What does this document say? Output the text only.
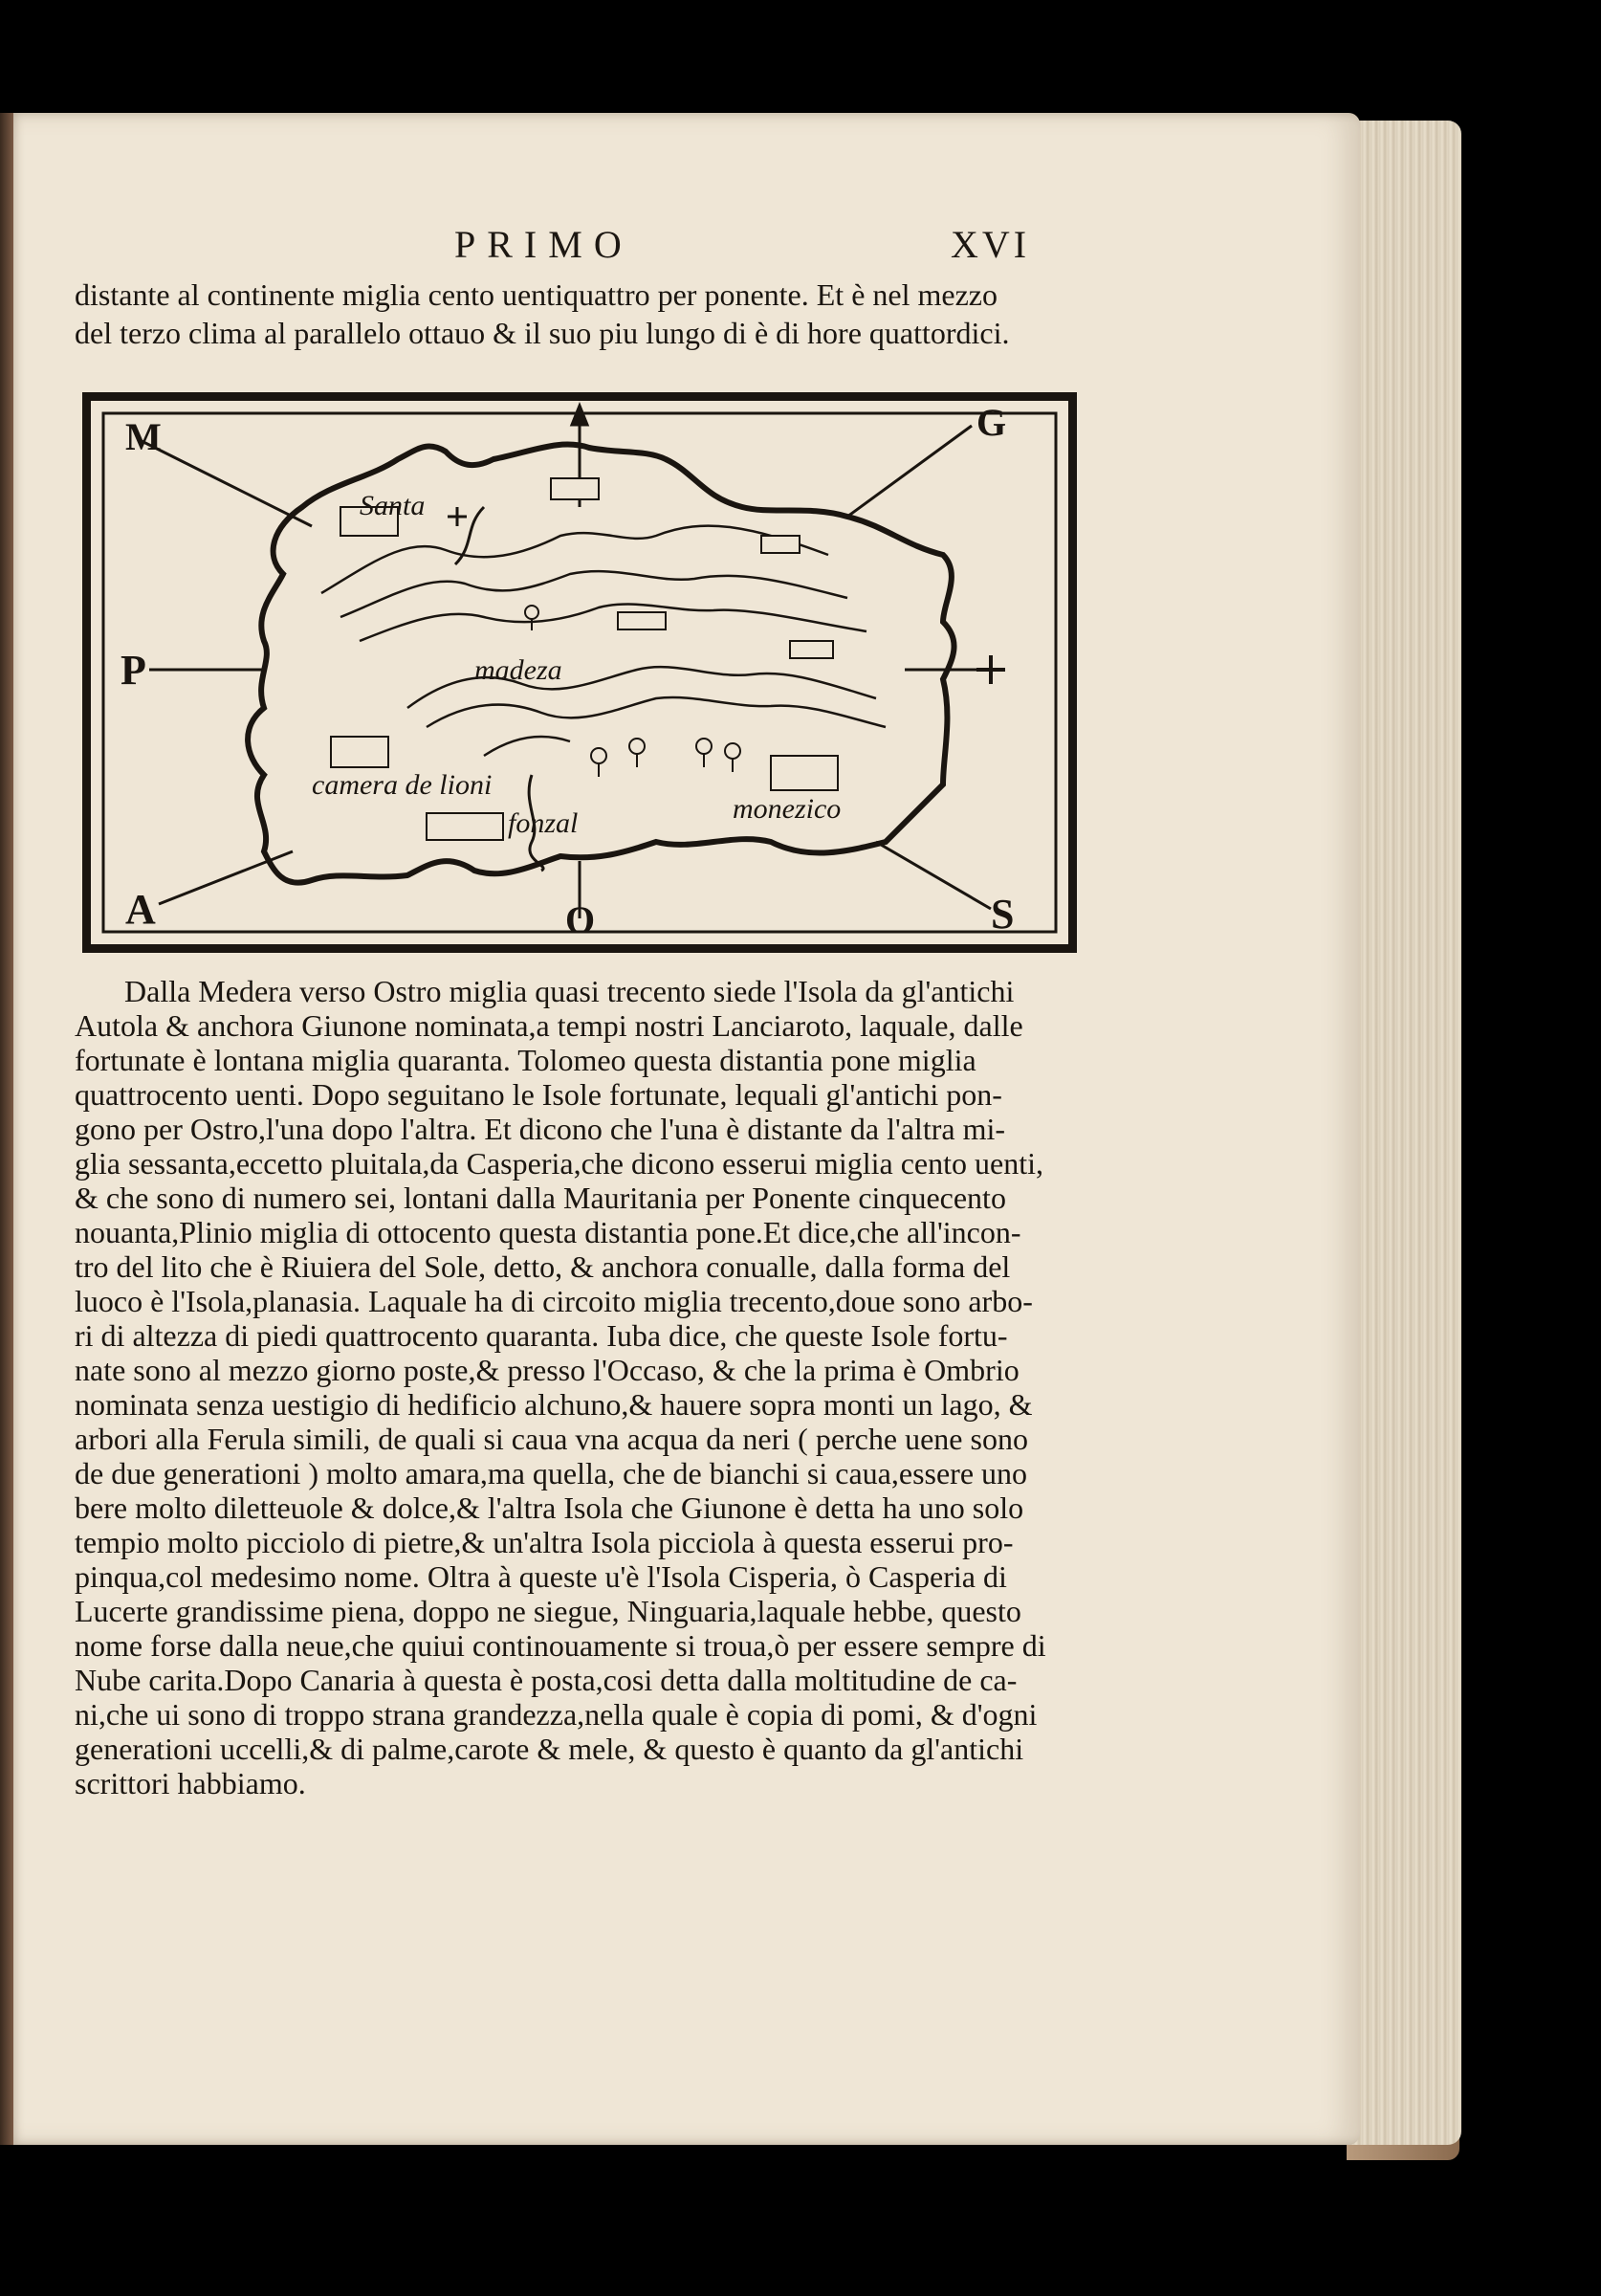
PRIMO	XVI
distante al continente miglia cento uentiquattro per ponente. Et è nel mezzo
del terzo clima al parallelo ottauo & il suo piu lungo di è di hore quattordici.
M	G
P
A	O	S
Santa
madeza
camera de lioni
fonzal	monezico
Dalla Medera verso Ostro miglia quasi trecento siede l'Isola da gl'antichi
Autola & anchora Giunone nominata,a tempi nostri Lanciaroto, laquale, dalle
fortunate è lontana miglia quaranta. Tolomeo questa distantia pone miglia
quattrocento uenti. Dopo seguitano le Isole fortunate, lequali gl'antichi pon-
gono per Ostro,l'una dopo l'altra. Et dicono che l'una è distante da l'altra mi-
glia sessanta,eccetto pluitala,da Casperia,che dicono esserui miglia cento uenti,
& che sono di numero sei, lontani dalla Mauritania per Ponente cinquecento
nouanta,Plinio miglia di ottocento questa distantia pone.Et dice,che all'incon-
tro del lito che è Riuiera del Sole, detto, & anchora conualle, dalla forma del
luoco è l'Isola,planasia. Laquale ha di circoito miglia trecento,doue sono arbo-
ri di altezza di piedi quattrocento quaranta. Iuba dice, che queste Isole fortu-
nate sono al mezzo giorno poste,& presso l'Occaso, & che la prima è Ombrio
nominata senza uestigio di hedificio alchuno,& hauere sopra monti un lago, &
arbori alla Ferula simili, de quali si caua vna acqua da neri ( perche uene sono
de due generationi ) molto amara,ma quella, che de bianchi si caua,essere uno
bere molto diletteuole & dolce,& l'altra Isola che Giunone è detta ha uno solo
tempio molto picciolo di pietre,& un'altra Isola picciola à questa esserui pro-
pinqua,col medesimo nome. Oltra à queste u'è l'Isola Cisperia, ò Casperia di
Lucerte grandissime piena, doppo ne siegue, Ninguaria,laquale hebbe, questo
nome forse dalla neue,che quiui continouamente si troua,ò per essere sempre di
Nube carita.Dopo Canaria à questa è posta,cosi detta dalla moltitudine de ca-
ni,che ui sono di troppo strana grandezza,nella quale è copia di pomi, & d'ogni
generationi uccelli,& di palme,carote & mele, & questo è quanto da gl'antichi
scrittori habbiamo.
